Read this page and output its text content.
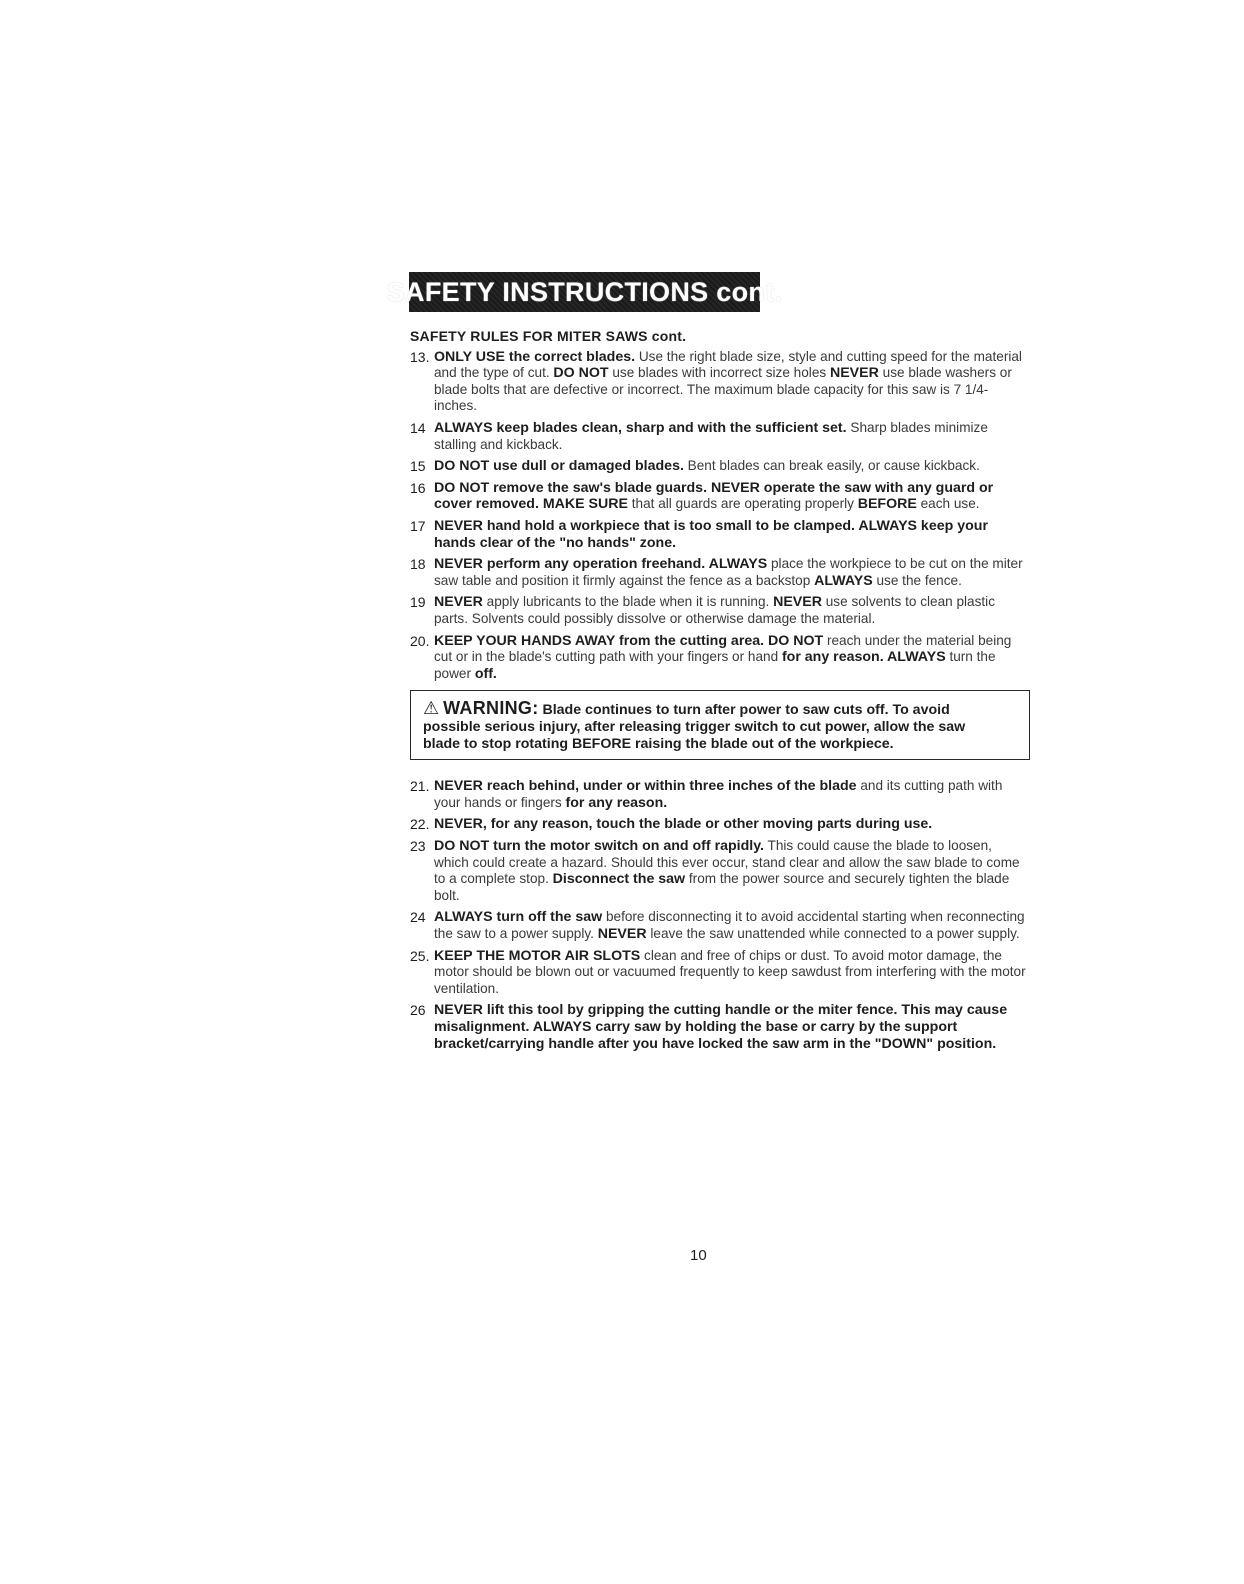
SAFETY INSTRUCTIONS cont.
SAFETY RULES FOR MITER SAWS cont.
13. ONLY USE the correct blades. Use the right blade size, style and cutting speed for the material and the type of cut. DO NOT use blades with incorrect size holes NEVER use blade washers or blade bolts that are defective or incorrect. The maximum blade capacity for this saw is 7 1/4-inches.
14 ALWAYS keep blades clean, sharp and with the sufficient set. Sharp blades minimize stalling and kickback.
15 DO NOT use dull or damaged blades. Bent blades can break easily, or cause kickback.
16 DO NOT remove the saw's blade guards. NEVER operate the saw with any guard or cover removed. MAKE SURE that all guards are operating properly BEFORE each use.
17 NEVER hand hold a workpiece that is too small to be clamped. ALWAYS keep your hands clear of the "no hands" zone.
18 NEVER perform any operation freehand. ALWAYS place the workpiece to be cut on the miter saw table and position it firmly against the fence as a backstop ALWAYS use the fence.
19 NEVER apply lubricants to the blade when it is running. NEVER use solvents to clean plastic parts. Solvents could possibly dissolve or otherwise damage the material.
20. KEEP YOUR HANDS AWAY from the cutting area. DO NOT reach under the material being cut or in the blade's cutting path with your fingers or hand for any reason. ALWAYS turn the power off.
⚠ WARNING: Blade continues to turn after power to saw cuts off. To avoid possible serious injury, after releasing trigger switch to cut power, allow the saw blade to stop rotating BEFORE raising the blade out of the workpiece.
21. NEVER reach behind, under or within three inches of the blade and its cutting path with your hands or fingers for any reason.
22. NEVER, for any reason, touch the blade or other moving parts during use.
23 DO NOT turn the motor switch on and off rapidly. This could cause the blade to loosen, which could create a hazard. Should this ever occur, stand clear and allow the saw blade to come to a complete stop. Disconnect the saw from the power source and securely tighten the blade bolt.
24 ALWAYS turn off the saw before disconnecting it to avoid accidental starting when reconnecting the saw to a power supply. NEVER leave the saw unattended while connected to a power supply.
25. KEEP THE MOTOR AIR SLOTS clean and free of chips or dust. To avoid motor damage, the motor should be blown out or vacuumed frequently to keep sawdust from interfering with the motor ventilation.
26 NEVER lift this tool by gripping the cutting handle or the miter fence. This may cause misalignment. ALWAYS carry saw by holding the base or carry by the support bracket/carrying handle after you have locked the saw arm in the "DOWN" position.
10
